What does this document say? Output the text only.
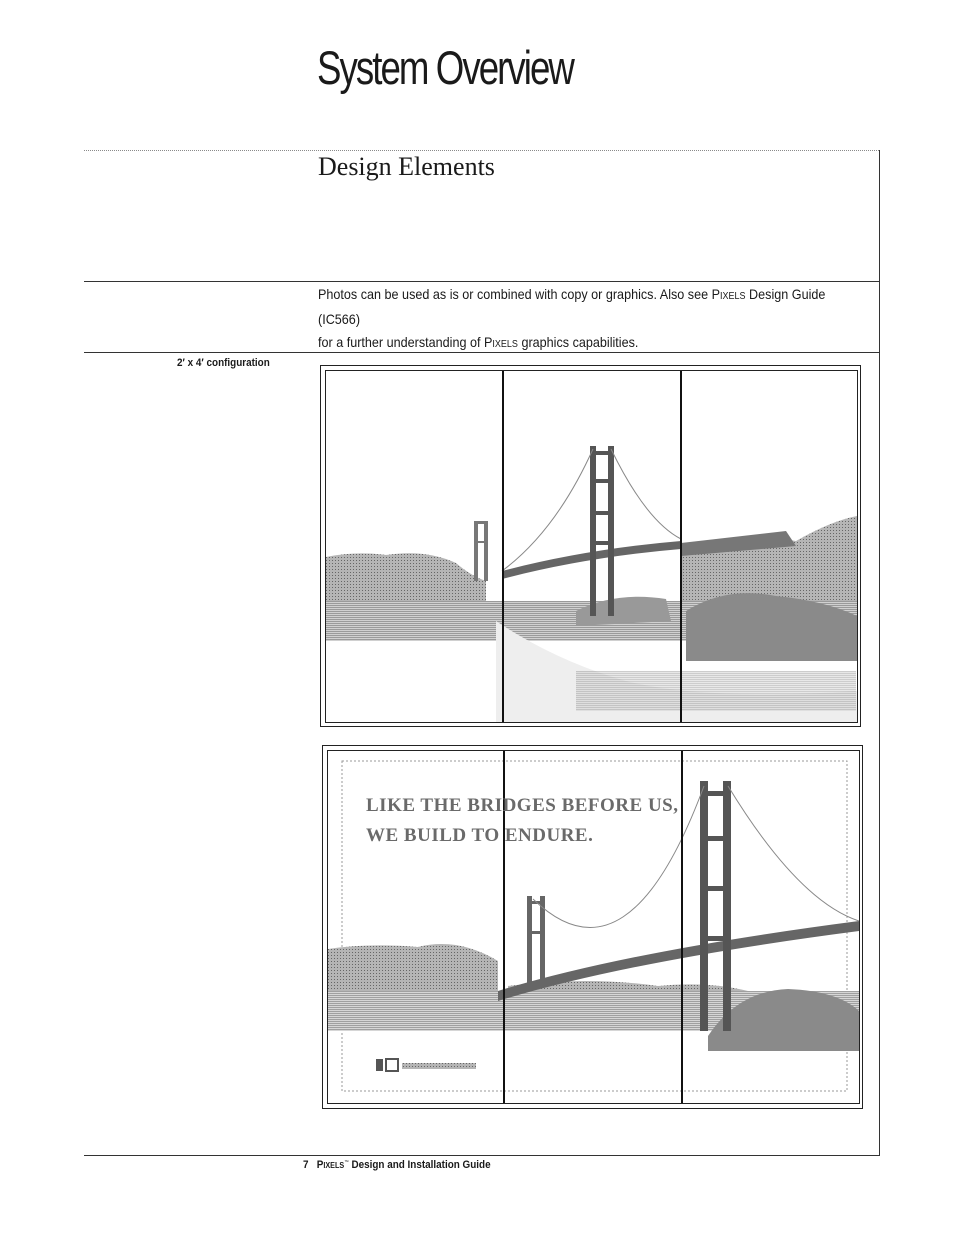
System Overview
Design Elements
Photos can be used as is or combined with copy or graphics. Also see PIXELS Design Guide (IC566)
for a further understanding of PIXELS graphics capabilities.
2′ x 4′ configuration
LIKE THE BRIDGES BEFORE US,
WE BUILD TO ENDURE.
7 PIXELS™ Design and Installation Guide
